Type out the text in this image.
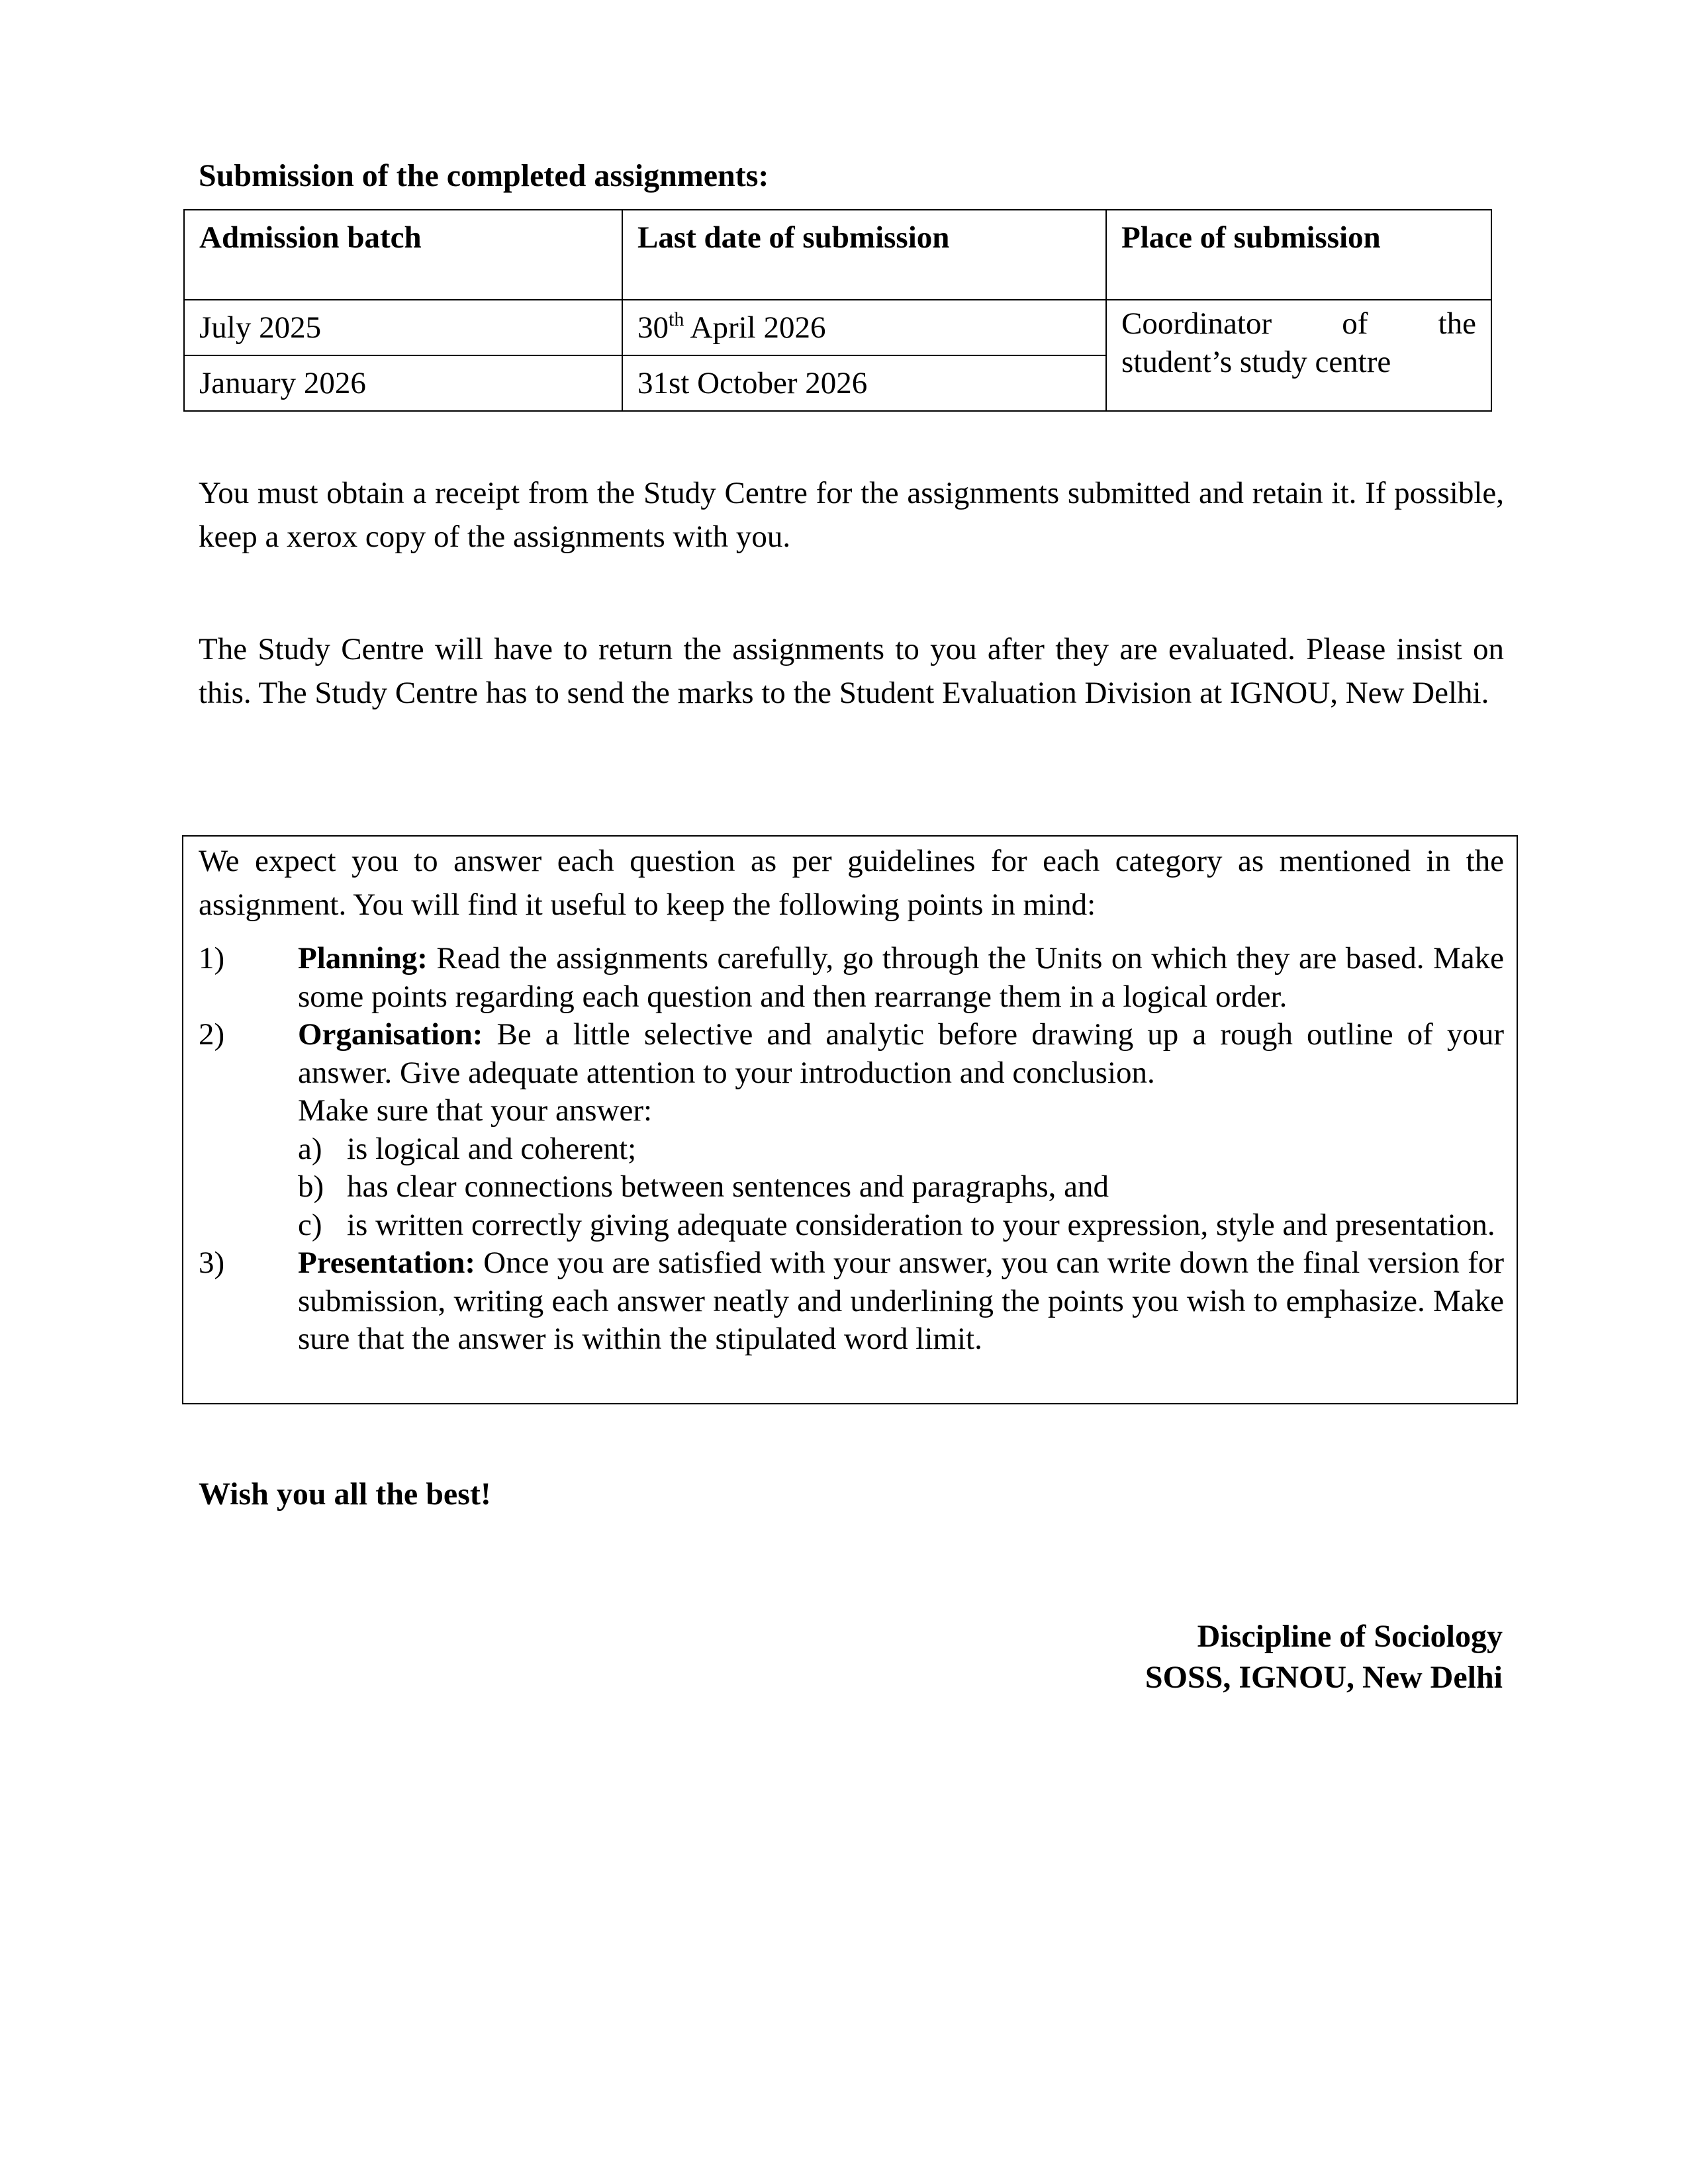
Submission of the completed assignments:

Admission batch	Last date of submission	Place of submission
July 2025	30th April 2026	Coordinator of the
student’s study centre

January 2026	31st October 2026	

You must obtain a receipt from the Study Centre for the assignments submitted and retain it. If possible, keep a xerox copy of the assignments with you.

The Study Centre will have to return the assignments to you after they are evaluated. Please insist on this. The Study Centre has to send the marks to the Student Evaluation Division at IGNOU, New Delhi.

We expect you to answer each question as per guidelines for each category as mentioned in the assignment. You will find it useful to keep the following points in mind:

1) Planning: Read the assignments carefully, go through the Units on which they are based. Make some points regarding each question and then rearrange them in a logical order.
2) Organisation: Be a little selective and analytic before drawing up a rough outline of your answer. Give adequate attention to your introduction and conclusion.
Make sure that your answer:
a) is logical and coherent;
b) has clear connections between sentences and paragraphs, and
c) is written correctly giving adequate consideration to your expression, style and presentation.
3) Presentation: Once you are satisfied with your answer, you can write down the final version for submission, writing each answer neatly and underlining the points you wish to emphasize. Make sure that the answer is within the stipulated word limit.

Wish you all the best!

Discipline of Sociology
SOSS, IGNOU, New Delhi
